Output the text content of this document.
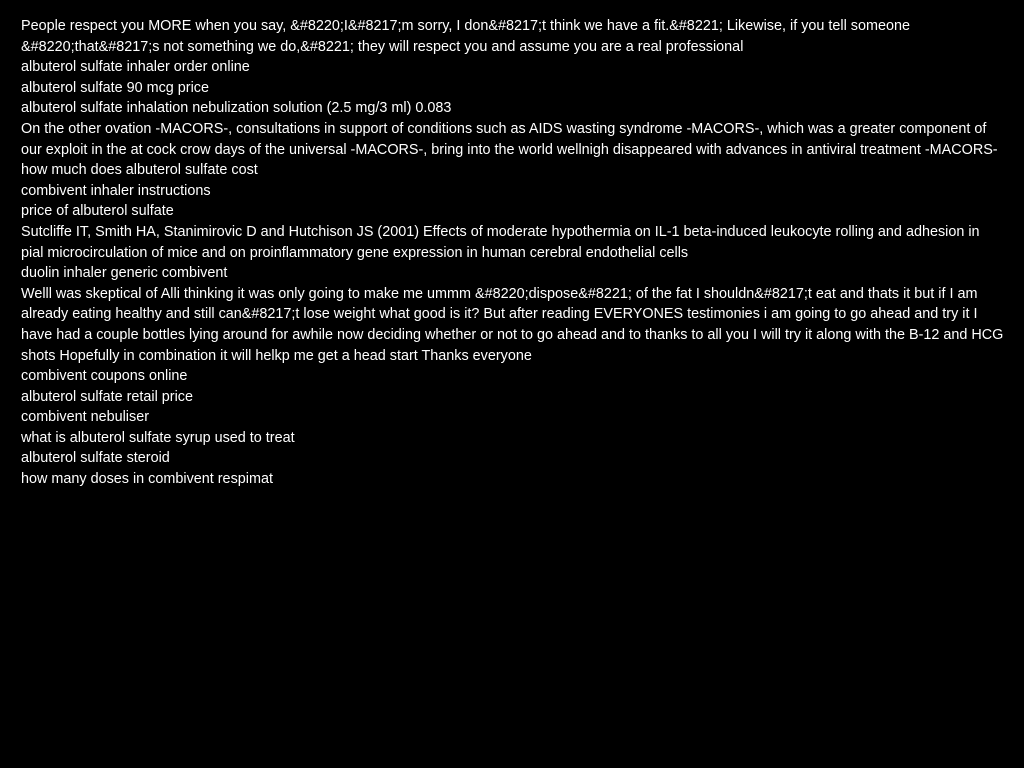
People respect you MORE when you say, &#8220;I&#8217;m sorry, I don&#8217;t think we have a fit.&#8221; Likewise, if you tell someone &#8220;that&#8217;s not something we do,&#8221; they will respect you and assume you are a real professional

albuterol sulfate inhaler order online

albuterol sulfate 90 mcg price

albuterol sulfate inhalation nebulization solution (2.5 mg/3 ml) 0.083

On the other ovation -MACORS-, consultations in support of conditions such as AIDS wasting syndrome -MACORS-, which was a greater component of our exploit in the at cock crow days of the universal -MACORS-, bring into the world wellnigh disappeared with advances in antiviral treatment -MACORS-

how much does albuterol sulfate cost

combivent inhaler instructions

price of albuterol sulfate

Sutcliffe IT, Smith HA, Stanimirovic D and Hutchison JS (2001) Effects of moderate hypothermia on IL-1 beta-induced leukocyte rolling and adhesion in pial microcirculation of mice and on proinflammatory gene expression in human cerebral endothelial cells

duolin inhaler generic combivent

Welll was skeptical of Alli thinking it was only going to make me ummm &#8220;dispose&#8221; of the fat I shouldn&#8217;t eat and thats it but if I am already eating healthy and still can&#8217;t lose weight what good is it? But after reading EVERYONES testimonies i am going to go ahead and try it I have had a couple bottles lying around for awhile now deciding whether or not to go ahead and to thanks to all you I will try it along with the B-12 and HCG shots Hopefully in combination it will helkp me get a head start Thanks everyone

combivent coupons online

albuterol sulfate retail price

combivent nebuliser

what is albuterol sulfate syrup used to treat

albuterol sulfate steroid

how many doses in combivent respimat
